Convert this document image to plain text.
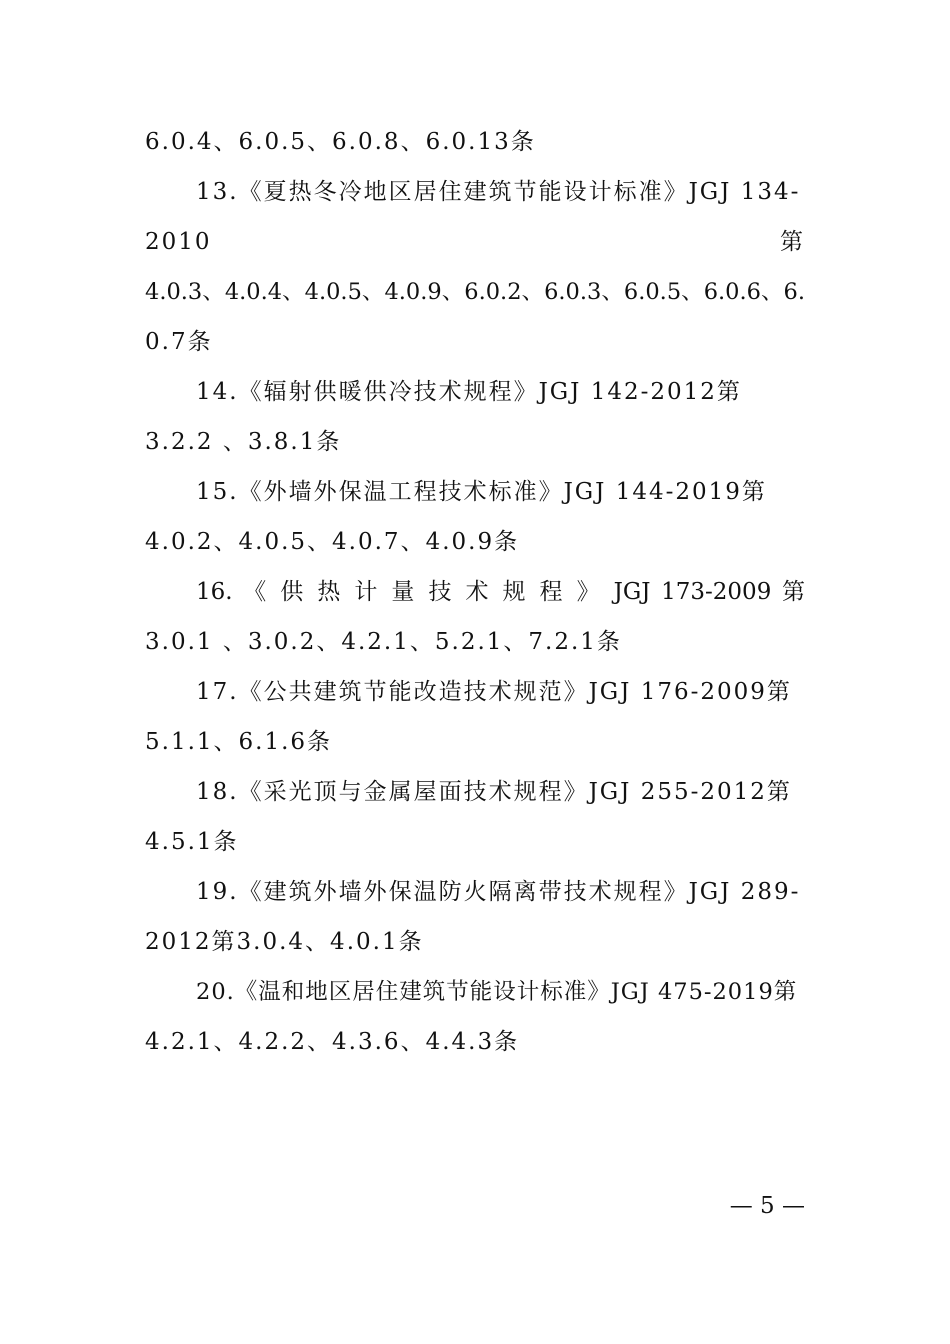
6.0.4、6.0.5、6.0.8、6.0.13条
13.《夏热冬冷地区居住建筑节能设计标准》JGJ 134-
2010	第
4.0.3、4.0.4、4.0.5、4.0.9、6.0.2、6.0.3、6.0.5、6.0.6、6.
0.7条
14.《辐射供暖供冷技术规程》JGJ 142-2012第
3.2.2 、3.8.1条
15.《外墙外保温工程技术标准》JGJ 144-2019第
4.0.2、4.0.5、4.0.7、4.0.9条
16. 《 供 热 计 量 技 术 规 程 》 JGJ 173-2009 第
3.0.1 、3.0.2、4.2.1、5.2.1、7.2.1条
17.《公共建筑节能改造技术规范》JGJ 176-2009第
5.1.1、6.1.6条
18.《采光顶与金属屋面技术规程》JGJ 255-2012第
4.5.1条
19.《建筑外墙外保温防火隔离带技术规程》JGJ 289-
2012第3.0.4、4.0.1条
20.《温和地区居住建筑节能设计标准》JGJ 475-2019第
4.2.1、4.2.2、4.3.6、4.4.3条
— 5 —
